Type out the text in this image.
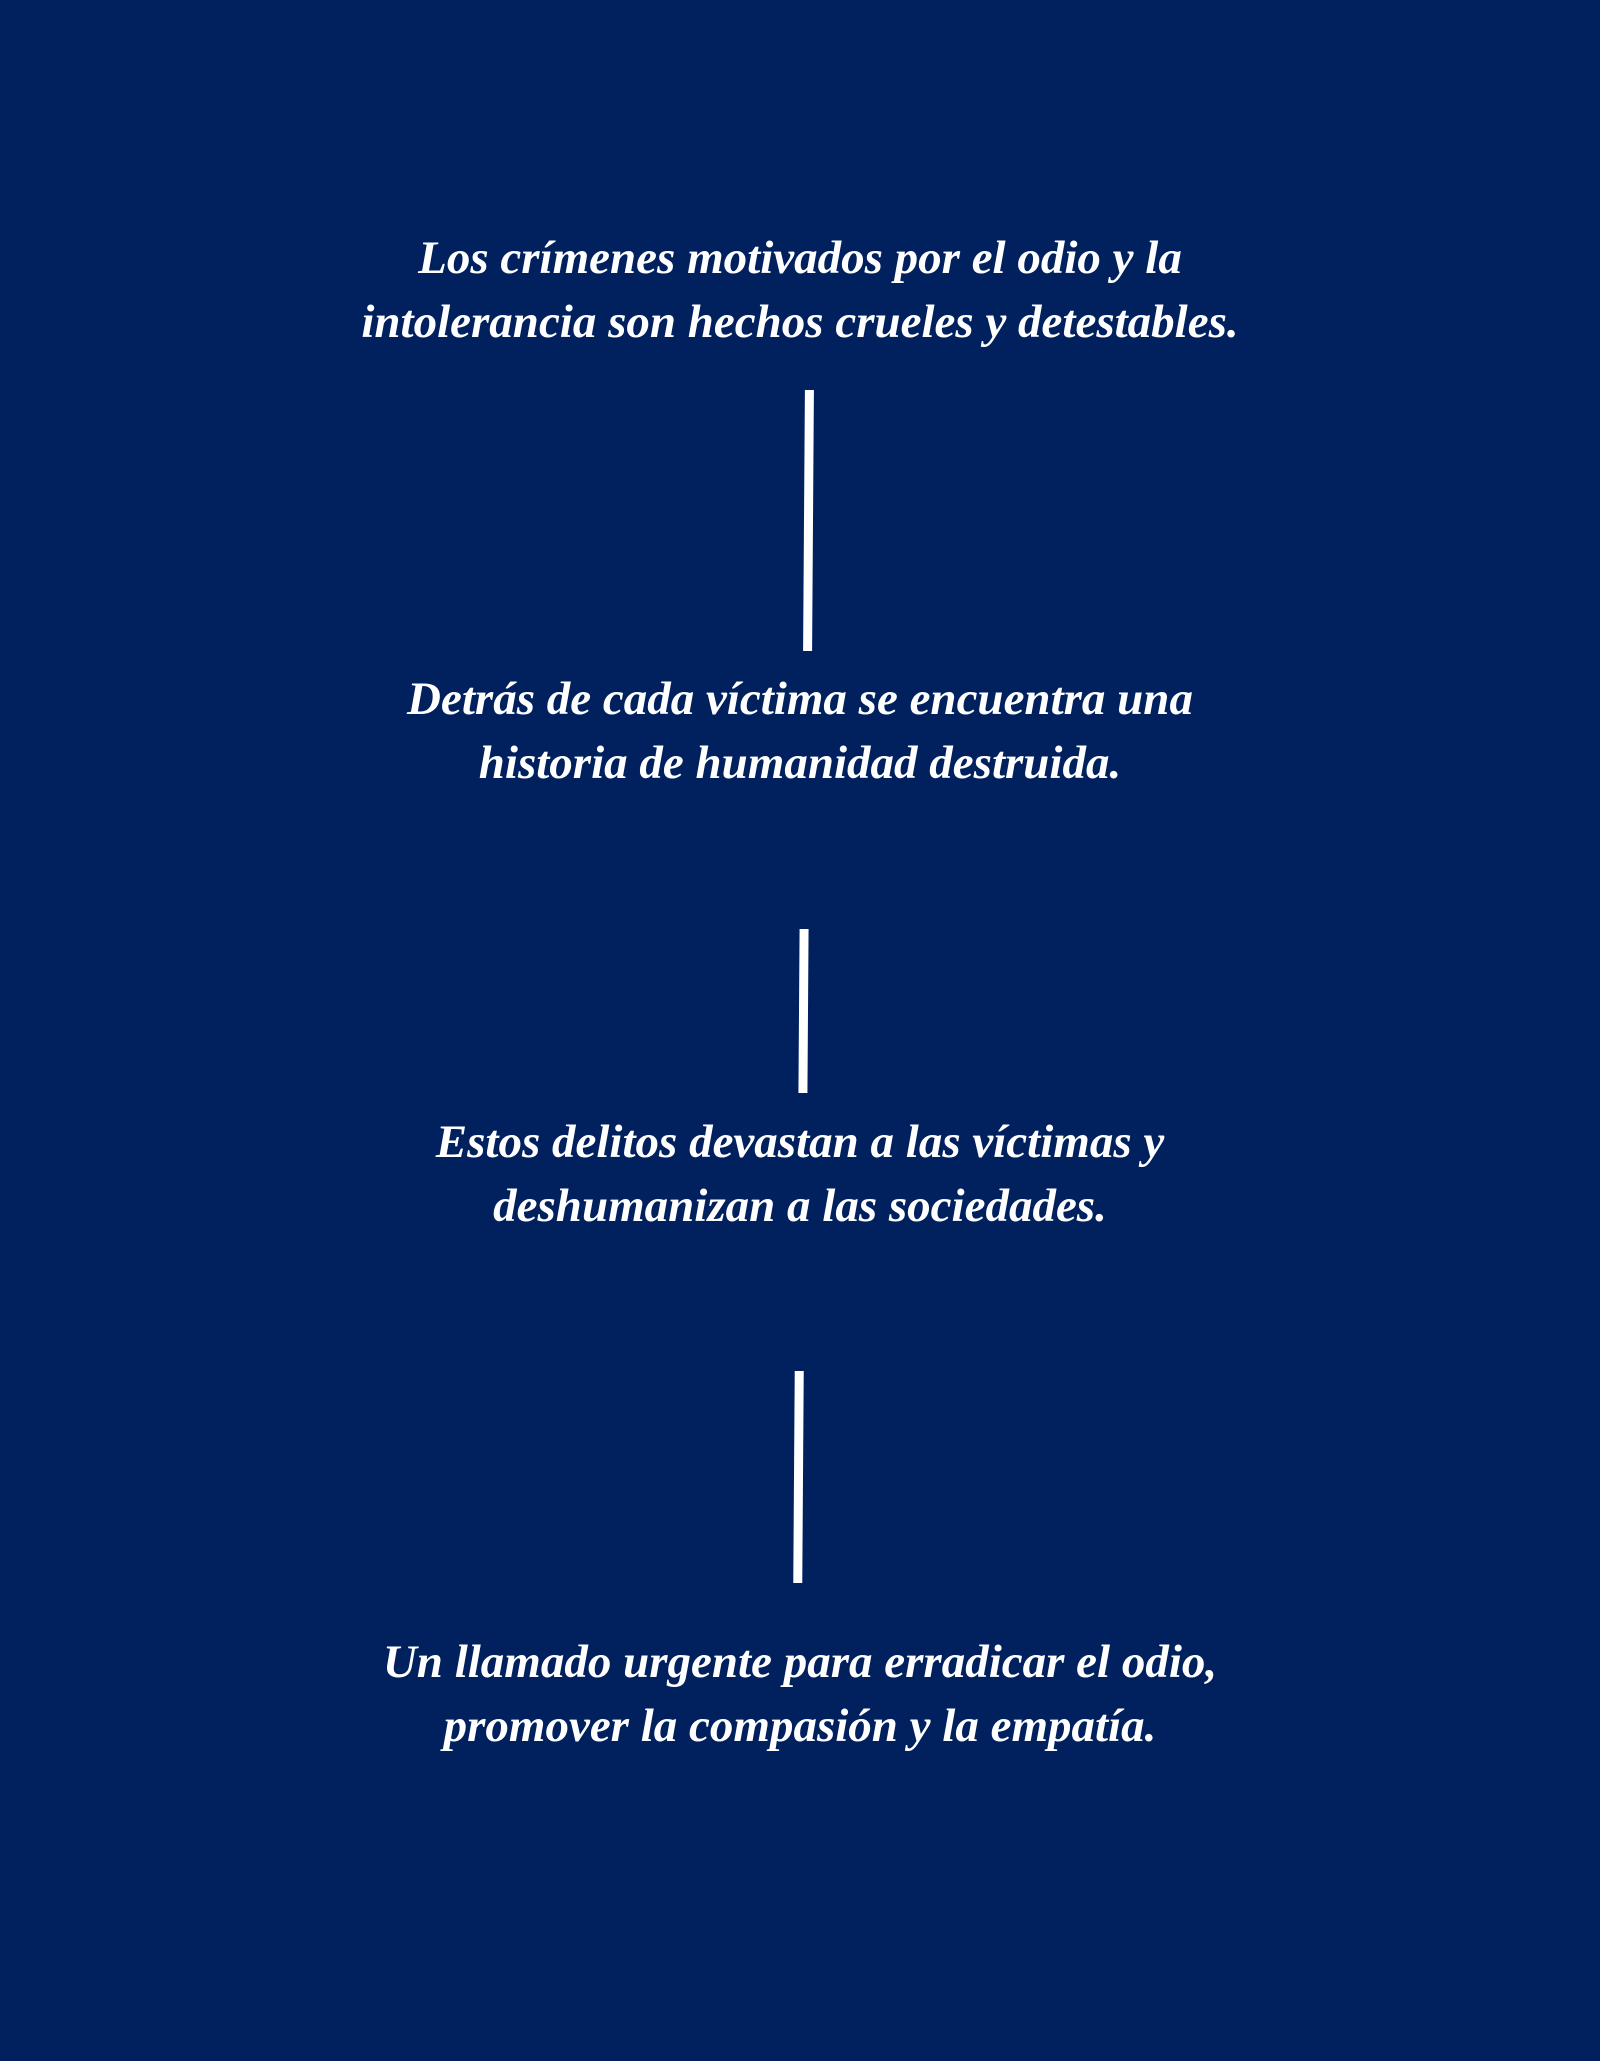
Los crímenes motivados por el odio y la
intolerancia son hechos crueles y detestables.

Detrás de cada víctima se encuentra una
historia de humanidad destruida.

Estos delitos devastan a las víctimas y
deshumanizan a las sociedades.

Un llamado urgente para erradicar el odio,
promover la compasión y la empatía.
